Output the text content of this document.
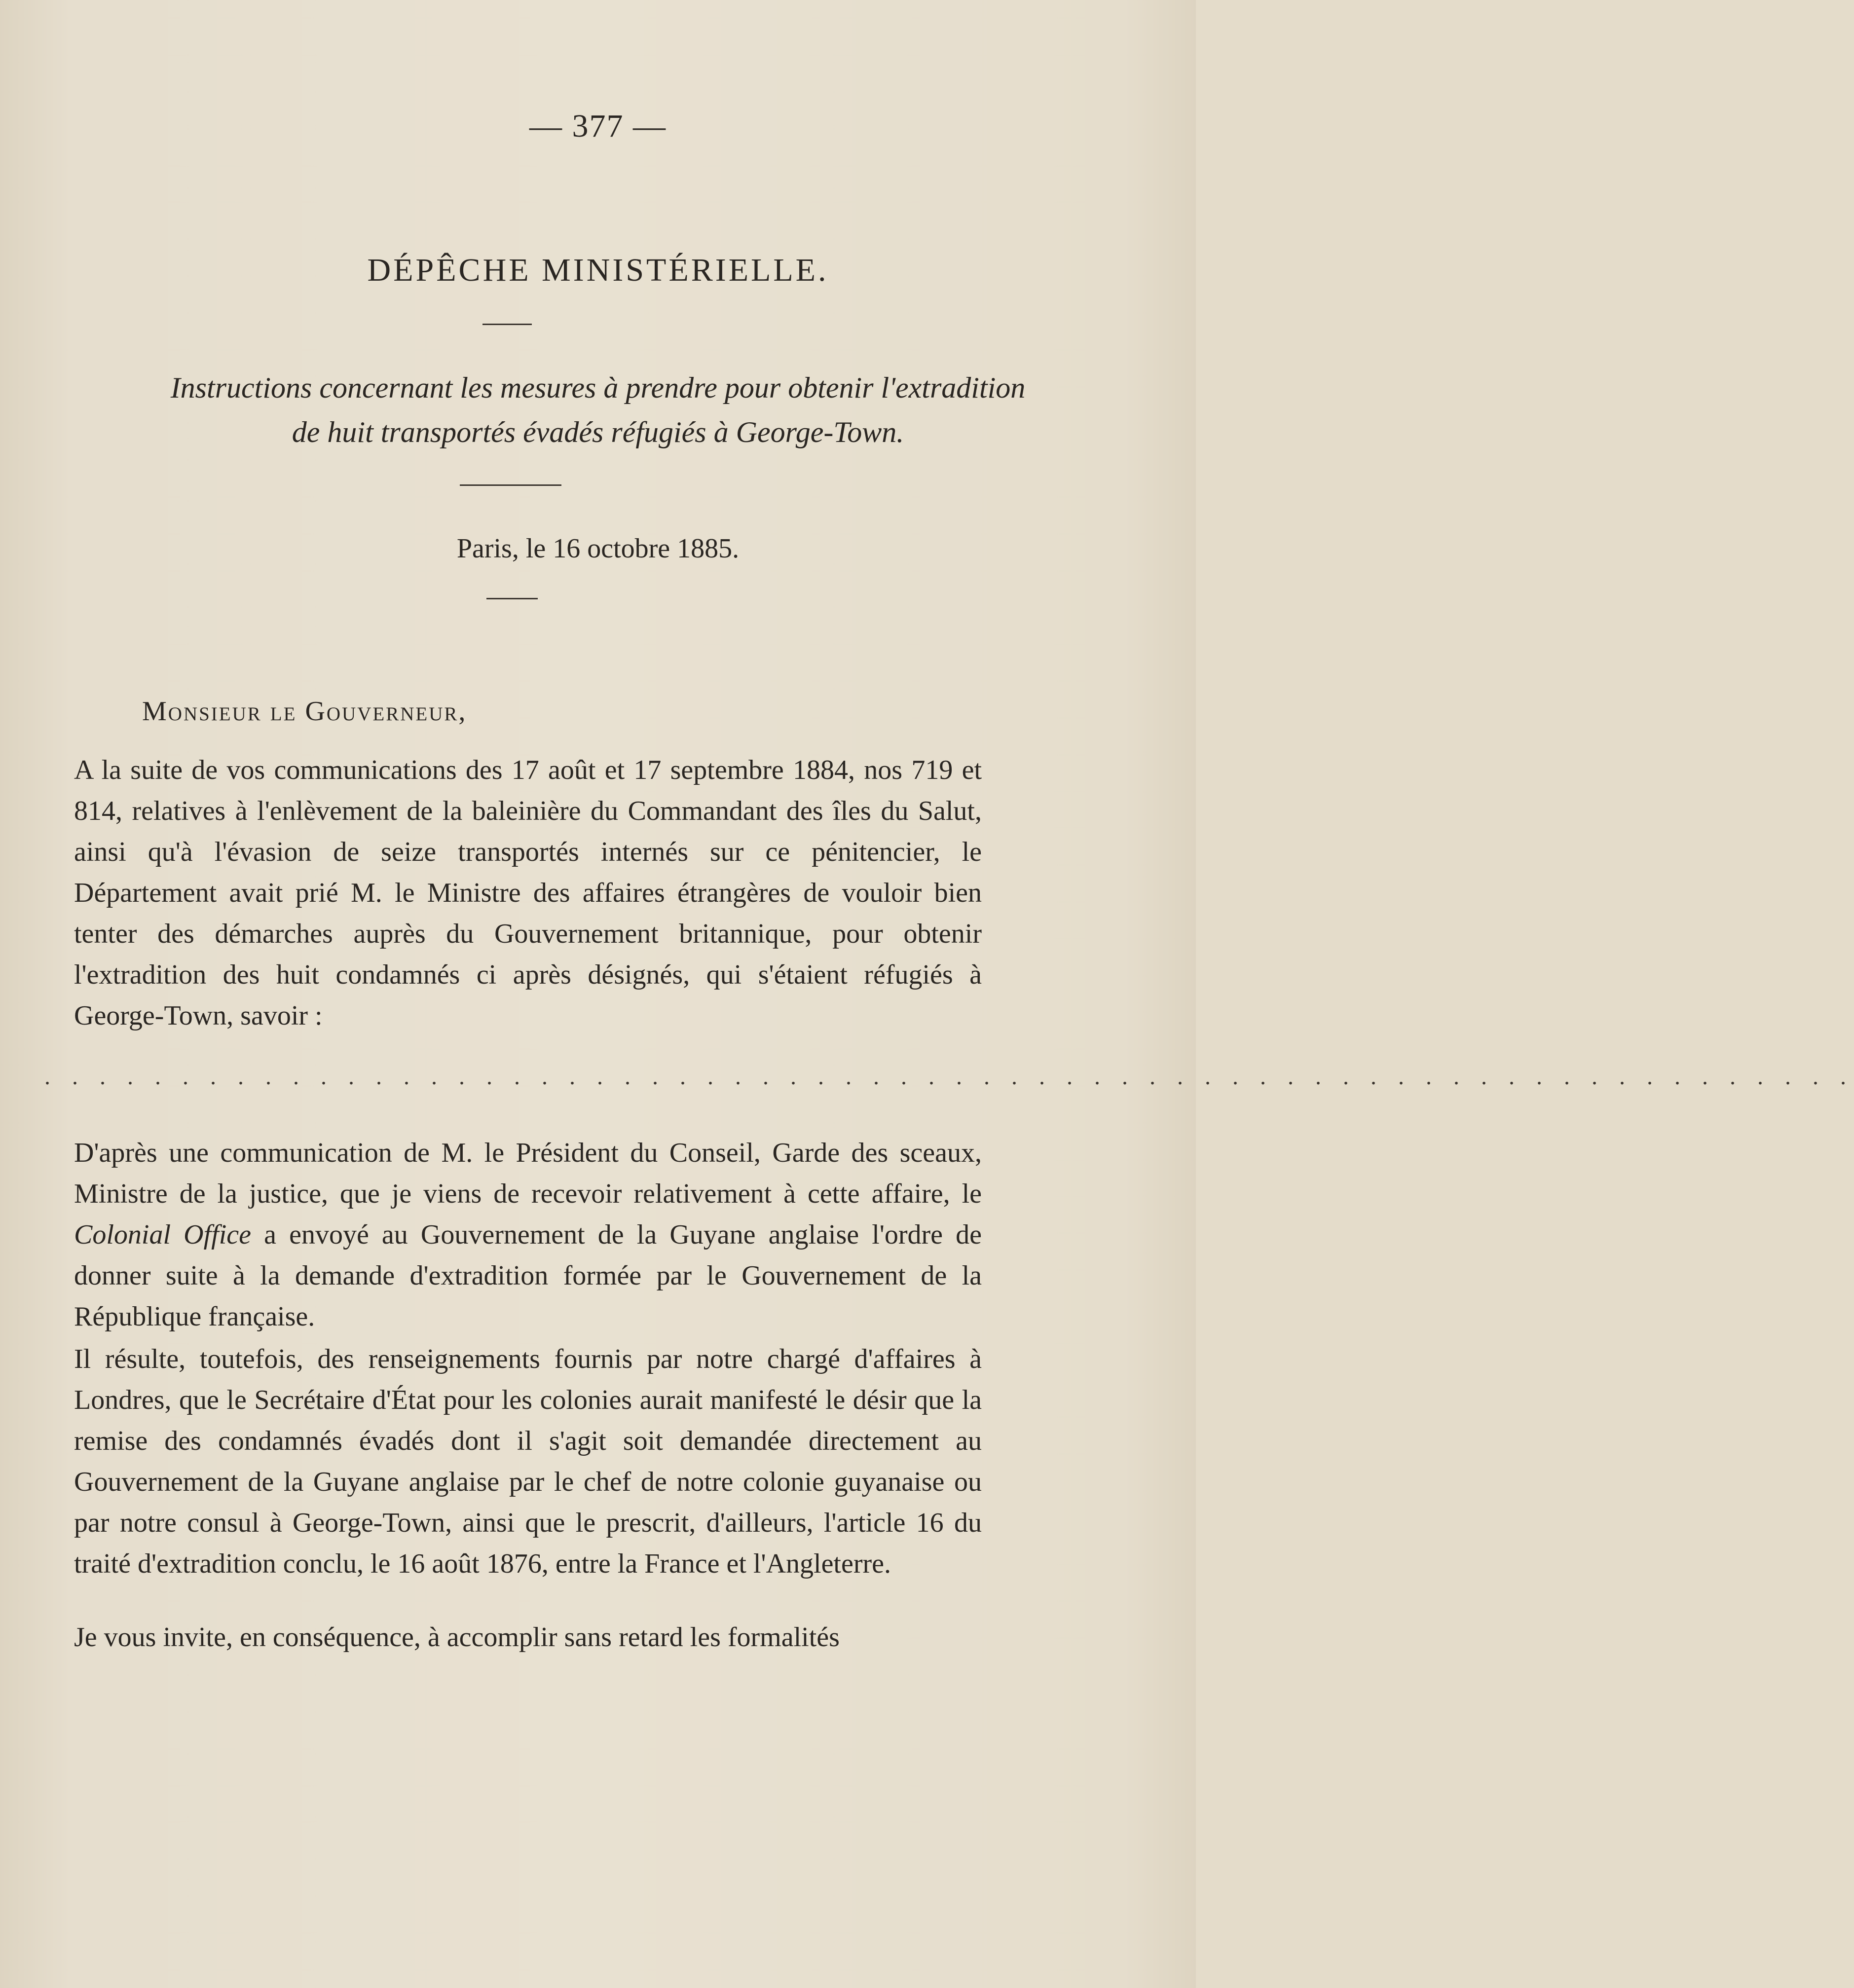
— 377 —
DÉPÊCHE MINISTÉRIELLE.
Instructions concernant les mesures à prendre pour obtenir l'extradition
de huit transportés évadés réfugiés à George-Town.
Paris, le 16 octobre 1885.
Monsieur le Gouverneur,
A la suite de vos communications des 17 août et 17 septembre 1884, nos 719 et 814, relatives à l'enlèvement de la baleinière du Commandant des îles du Salut, ainsi qu'à l'évasion de seize transportés internés sur ce pénitencier, le Département avait prié M. le Ministre des affaires étrangères de vouloir bien tenter des démarches auprès du Gouvernement britannique, pour obtenir l'extradition des huit condamnés ci après désignés, qui s'étaient réfugiés à George-Town, savoir :
. . . . . . . . . . . . . . . . . . . . . . . . . . . . . . . . . . . . . . . . . . . . . . . . . . . . . . . . . . . . . . . . . .
D'après une communication de M. le Président du Conseil, Garde des sceaux, Ministre de la justice, que je viens de recevoir relativement à cette affaire, le Colonial Office a envoyé au Gouvernement de la Guyane anglaise l'ordre de donner suite à la demande d'extradition formée par le Gouvernement de la République française.
Il résulte, toutefois, des renseignements fournis par notre chargé d'affaires à Londres, que le Secrétaire d'État pour les colonies aurait manifesté le désir que la remise des condamnés évadés dont il s'agit soit demandée directement au Gouvernement de la Guyane anglaise par le chef de notre colonie guyanaise ou par notre consul à George-Town, ainsi que le prescrit, d'ailleurs, l'article 16 du traité d'extradition conclu, le 16 août 1876, entre la France et l'Angleterre.
Je vous invite, en conséquence, à accomplir sans retard les formalités
